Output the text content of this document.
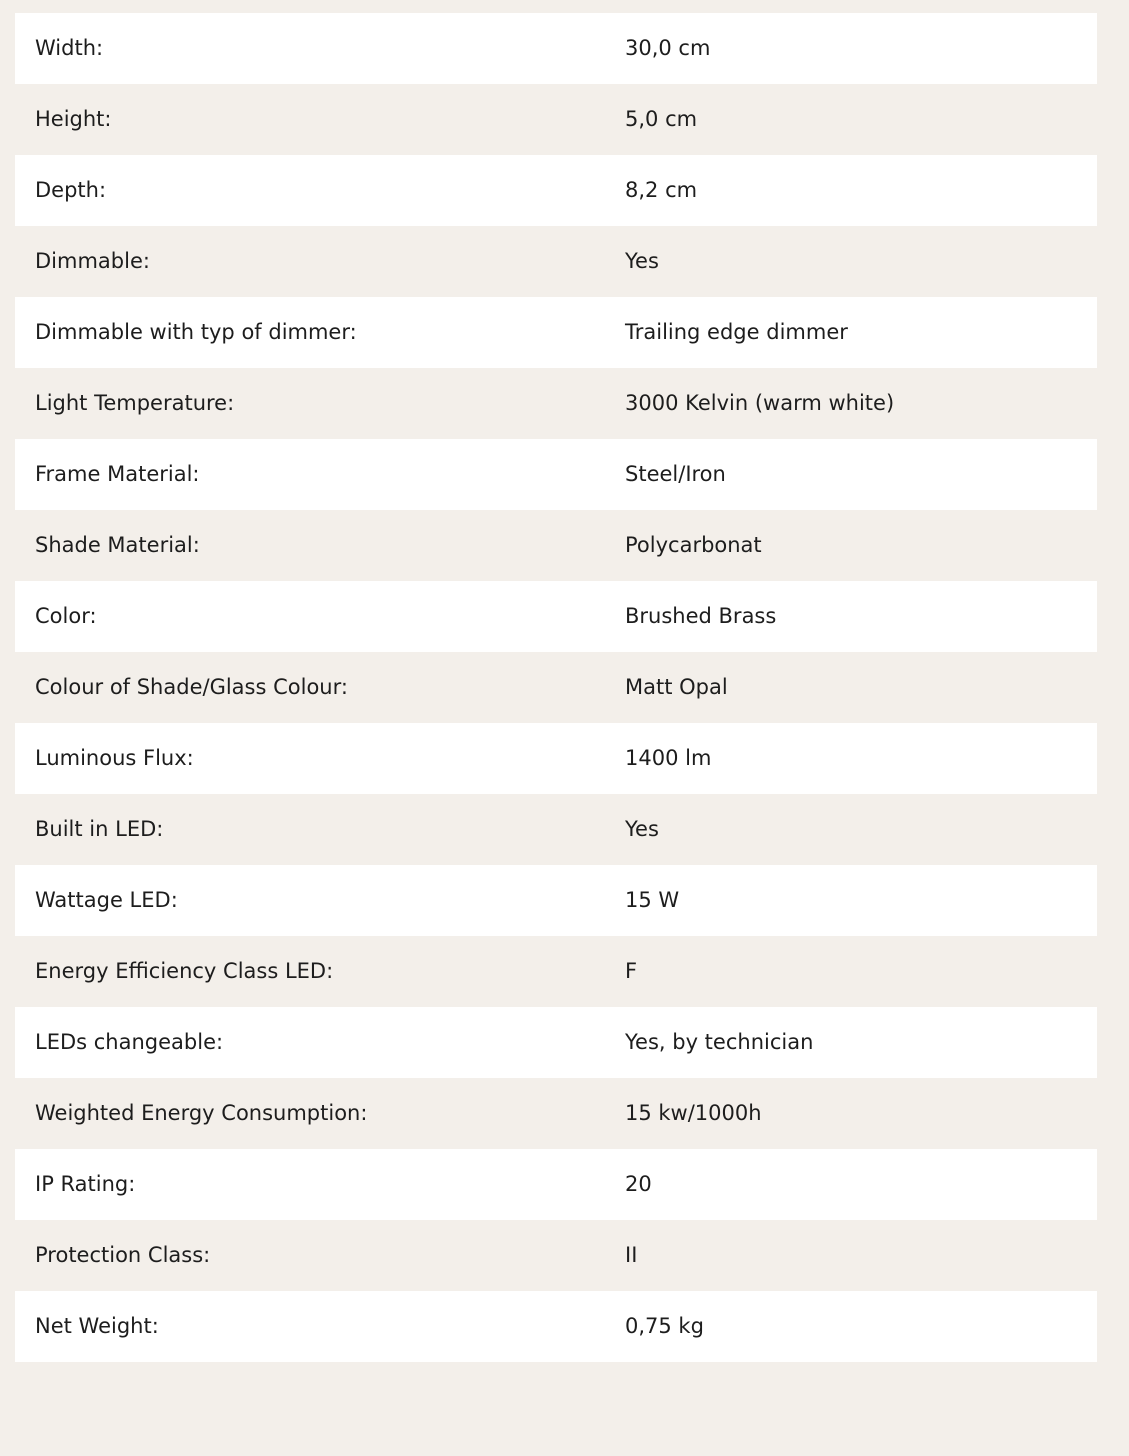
Width:	30,0 cm
Height:	5,0 cm
Depth:	8,2 cm
Dimmable:	Yes
Dimmable with typ of dimmer:	Trailing edge dimmer
Light Temperature:	3000 Kelvin (warm white)
Frame Material:	Steel/Iron
Shade Material:	Polycarbonat
Color:	Brushed Brass
Colour of Shade/Glass Colour:	Matt Opal
Luminous Flux:	1400 lm
Built in LED:	Yes
Wattage LED:	15 W
Energy Efficiency Class LED:	F
LEDs changeable:	Yes, by technician
Weighted Energy Consumption:	15 kw/1000h
IP Rating:	20
Protection Class:	II
Net Weight:	0,75 kg
